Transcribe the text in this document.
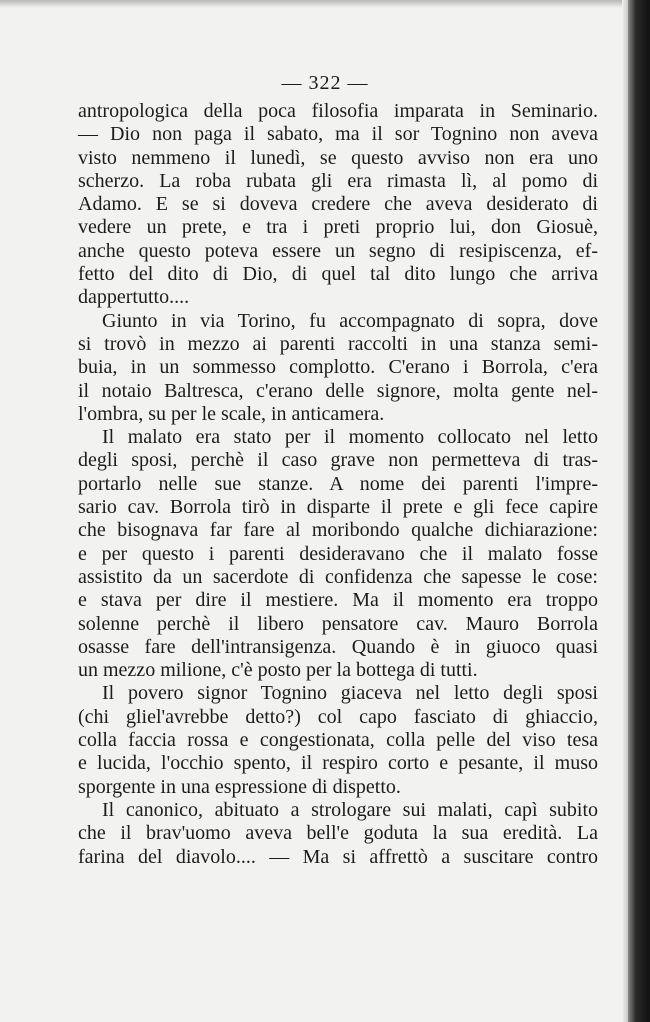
— 322 —
antropologica della poca filosofia imparata in Seminario.
— Dio non paga il sabato, ma il sor Tognino non aveva
visto nemmeno il lunedì, se questo avviso non era uno
scherzo. La roba rubata gli era rimasta lì, al pomo di
Adamo. E se si doveva credere che aveva desiderato di
vedere un prete, e tra i preti proprio lui, don Giosuè,
anche questo poteva essere un segno di resipiscenza, ef-
fetto del dito di Dio, di quel tal dito lungo che arriva
dappertutto....
Giunto in via Torino, fu accompagnato di sopra, dove
si trovò in mezzo ai parenti raccolti in una stanza semi-
buia, in un sommesso complotto. C'erano i Borrola, c'era
il notaio Baltresca, c'erano delle signore, molta gente nel-
l'ombra, su per le scale, in anticamera.
Il malato era stato per il momento collocato nel letto
degli sposi, perchè il caso grave non permetteva di tras-
portarlo nelle sue stanze. A nome dei parenti l'impre-
sario cav. Borrola tirò in disparte il prete e gli fece capire
che bisognava far fare al moribondo qualche dichiarazione:
e per questo i parenti desideravano che il malato fosse
assistito da un sacerdote di confidenza che sapesse le cose:
e stava per dire il mestiere. Ma il momento era troppo
solenne perchè il libero pensatore cav. Mauro Borrola
osasse fare dell'intransigenza. Quando è in giuoco quasi
un mezzo milione, c'è posto per la bottega di tutti.
Il povero signor Tognino giaceva nel letto degli sposi
(chi gliel'avrebbe detto?) col capo fasciato di ghiaccio,
colla faccia rossa e congestionata, colla pelle del viso tesa
e lucida, l'occhio spento, il respiro corto e pesante, il muso
sporgente in una espressione di dispetto.
Il canonico, abituato a strologare sui malati, capì subito
che il brav'uomo aveva bell'e goduta la sua eredità. La
farina del diavolo.... — Ma si affrettò a suscitare contro
